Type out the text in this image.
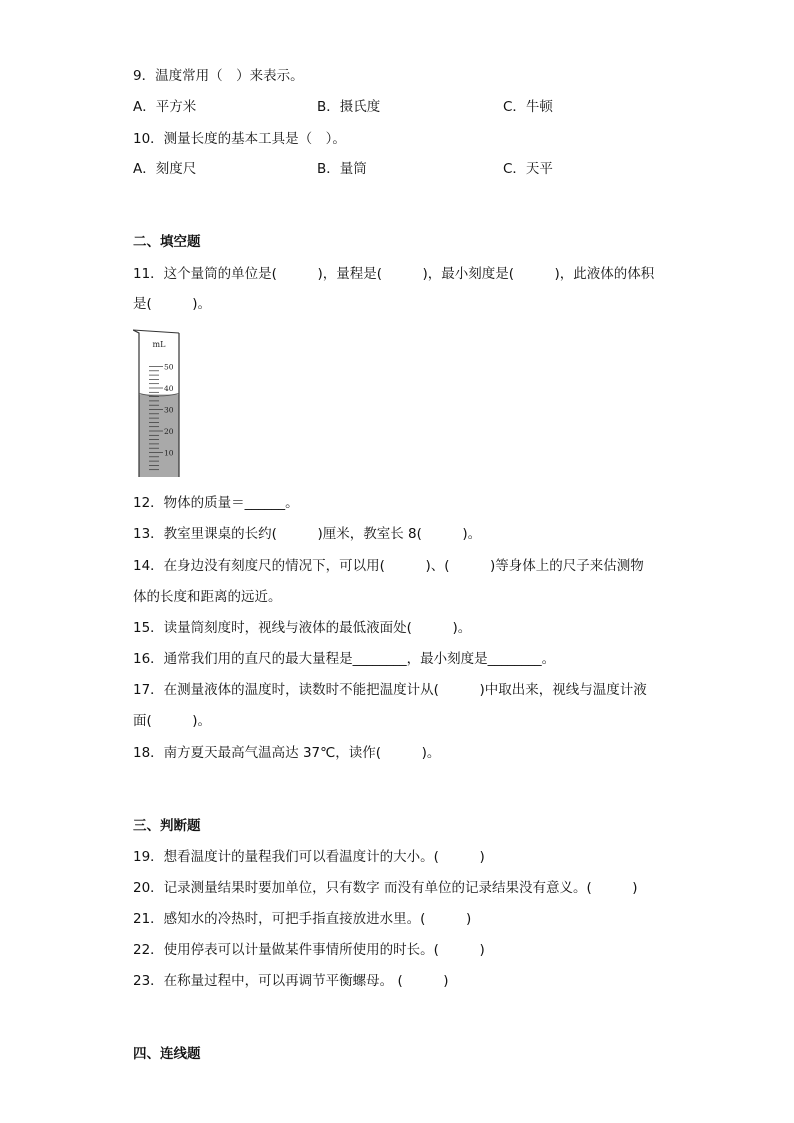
9．温度常用（　）来表示。
A．平方米	B．摄氏度	C．牛顿
10．测量长度的基本工具是（　）。
A．刻度尺	B．量筒	C．天平
二、填空题
11．这个量筒的单位是(　　　)，量程是(　　　)，最小刻度是(　　　)，此液体的体积
是(　　　)。
mL
50
40
30
20
10
12．物体的质量＝______。
13．教室里课桌的长约(　　　)厘米，教室长 8(　　　)。
14．在身边没有刻度尺的情况下，可以用(　　　)、(　　　)等身体上的尺子来估测物
体的长度和距离的远近。
15．读量筒刻度时，视线与液体的最低液面处(　　　)。
16．通常我们用的直尺的最大量程是________，最小刻度是________。
17．在测量液体的温度时，读数时不能把温度计从(　　　)中取出来，视线与温度计液
面(　　　)。
18．南方夏天最高气温高达 37℃，读作(　　　)。
三、判断题
19．想看温度计的量程我们可以看温度计的大小。(　　　)
20．记录测量结果时要加单位，只有数字 而没有单位的记录结果没有意义。(　　　)
21．感知水的冷热时，可把手指直接放进水里。(　　　)
22．使用停表可以计量做某件事情所使用的时长。(　　　)
23．在称量过程中，可以再调节平衡螺母。 (　　　)
四、连线题
